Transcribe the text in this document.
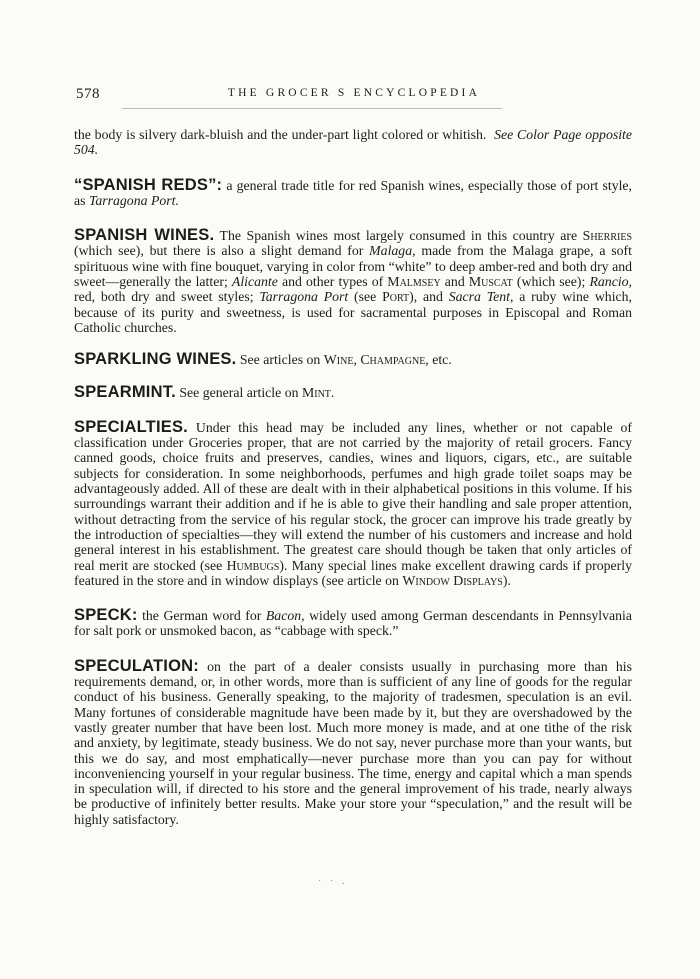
578	THE GROCER S ENCYCLOPEDIA

the body is silvery dark-bluish and the under-part light colored or whitish. See Color Page opposite 504.

“SPANISH REDS”: a general trade title for red Spanish wines, especially those of port style, as Tarragona Port.

SPANISH WINES. The Spanish wines most largely consumed in this country are Sherries (which see), but there is also a slight demand for Malaga, made from the Malaga grape, a soft spirituous wine with fine bouquet, varying in color from “white” to deep amber-red and both dry and sweet—generally the latter; Alicante and other types of Malmsey and Muscat (which see); Rancio, red, both dry and sweet styles; Tarragona Port (see Port), and Sacra Tent, a ruby wine which, because of its purity and sweetness, is used for sacramental purposes in Episcopal and Roman Catholic churches.

SPARKLING WINES. See articles on Wine, Champagne, etc.

SPEARMINT. See general article on Mint.

SPECIALTIES. Under this head may be included any lines, whether or not capable of classification under Groceries proper, that are not carried by the majority of retail grocers. Fancy canned goods, choice fruits and preserves, candies, wines and liquors, cigars, etc., are suitable subjects for consideration. In some neighborhoods, perfumes and high grade toilet soaps may be advantageously added. All of these are dealt with in their alphabetical positions in this volume. If his surroundings warrant their addition and if he is able to give their handling and sale proper attention, without detracting from the service of his regular stock, the grocer can improve his trade greatly by the introduction of specialties—they will extend the number of his customers and increase and hold general interest in his establishment. The greatest care should though be taken that only articles of real merit are stocked (see Humbugs). Many special lines make excellent drawing cards if properly featured in the store and in window displays (see article on Window Displays).

SPECK: the German word for Bacon, widely used among German descendants in Pennsylvania for salt pork or unsmoked bacon, as “cabbage with speck.”

SPECULATION: on the part of a dealer consists usually in purchasing more than his requirements demand, or, in other words, more than is sufficient of any line of goods for the regular conduct of his business. Generally speaking, to the majority of tradesmen, speculation is an evil. Many fortunes of considerable magnitude have been made by it, but they are overshadowed by the vastly greater number that have been lost. Much more money is made, and at one tithe of the risk and anxiety, by legitimate, steady business. We do not say, never purchase more than your wants, but this we do say, and most emphatically—never purchase more than you can pay for without inconveniencing yourself in your regular business. The time, energy and capital which a man spends in speculation will, if directed to his store and the general improvement of his trade, nearly always be productive of infinitely better results. Make your store your “speculation,” and the result will be highly satisfactory.

˙ ˙ ·
